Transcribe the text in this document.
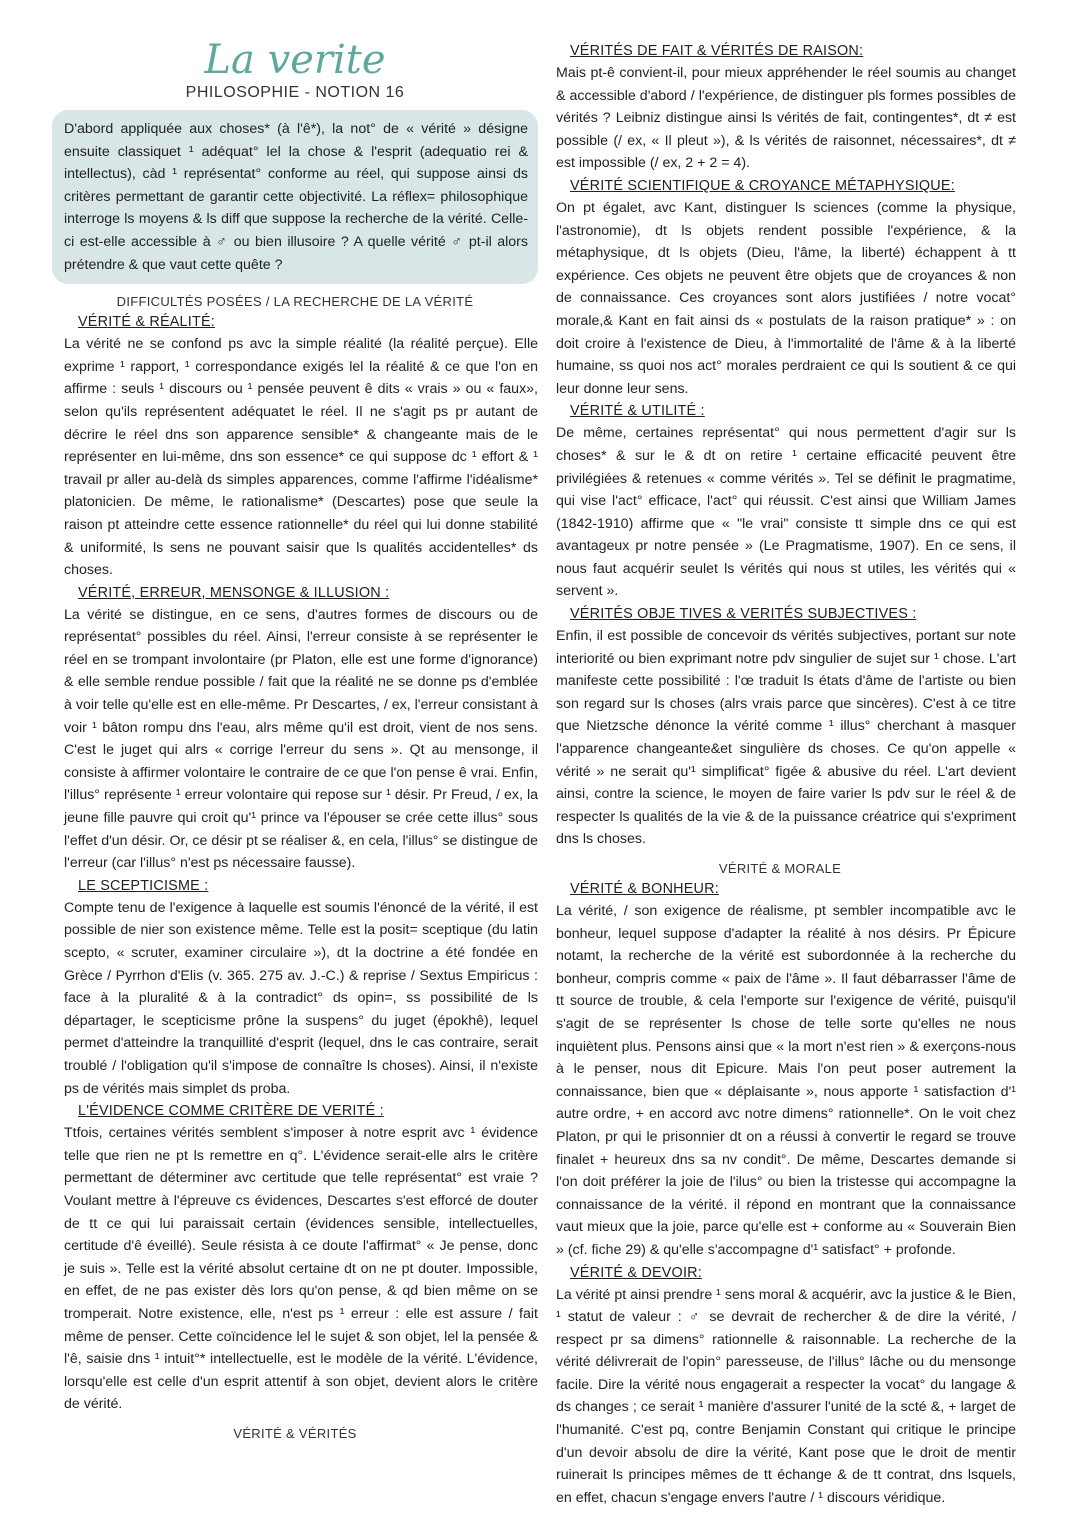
La verite
PHILOSOPHIE - NOTION 16
D'abord appliquée aux choses* (à l'ê*), la not° de « vérité » désigne ensuite classiquet ¹ adéquat° lel la chose & l'esprit (adequatio rei & intellectus), càd ¹ représentat° conforme au réel, qui suppose ainsi ds critères permettant de garantir cette objectivité. La réflex= philosophique interroge ls moyens & ls diff que suppose la recherche de la vérité. Celle-ci est-elle accessible à ♂ ou bien illusoire ? A quelle vérité ♂ pt-il alors prétendre & que vaut cette quête ?
DIFFICULTÉS POSÉES / LA RECHERCHE DE LA VÉRITÉ
VÉRITÉ & RÉALITÉ:

La vérité ne se confond ps avc la simple réalité (la réalité perçue). Elle exprime ¹ rapport, ¹ correspondance exigés lel la réalité & ce que l'on en affirme : seuls ¹ discours ou ¹ pensée peuvent ê dits « vrais » ou « faux», selon qu'ils représentent adéquatet le réel. Il ne s'agit ps pr autant de décrire le réel dns son apparence sensible* & changeante mais de le représenter en lui-même, dns son essence* ce qui suppose dc ¹ effort & ¹ travail pr aller au-delà ds simples apparences, comme l'affirme l'idéalisme* platonicien. De même, le rationalisme* (Descartes) pose que seule la raison pt atteindre cette essence rationnelle* du réel qui lui donne stabilité & uniformité, ls sens ne pouvant saisir que ls qualités accidentelles* ds choses.

VÉRITÉ, ERREUR, MENSONGE & ILLUSION :

La vérité se distingue, en ce sens, d'autres formes de discours ou de représentat° possibles du réel. Ainsi, l'erreur consiste à se représenter le réel en se trompant involontaire (pr Platon, elle est une forme d'ignorance) & elle semble rendue possible / fait que la réalité ne se donne ps d'emblée à voir telle qu'elle est en elle-même. Pr Descartes, / ex, l'erreur consistant à voir ¹ bâton rompu dns l'eau, alrs même qu'il est droit, vient de nos sens. C'est le juget qui alrs « corrige l'erreur du sens ». Qt au mensonge, il consiste à affirmer volontaire le contraire de ce que l'on pense ê vrai. Enfin, l'illus° représente ¹ erreur volontaire qui repose sur ¹ désir. Pr Freud, / ex, la jeune fille pauvre qui croit qu'¹ prince va l'épouser se crée cette illus° sous l'effet d'un désir. Or, ce désir pt se réaliser &, en cela, l'illus° se distingue de l'erreur (car l'illus° n'est ps nécessaire fausse).

LE SCEPTICISME :

Compte tenu de l'exigence à laquelle est soumis l'énoncé de la vérité, il est possible de nier son existence même. Telle est la posit= sceptique (du latin scepto, « scruter, examiner circulaire »), dt la doctrine a été fondée en Grèce / Pyrrhon d'Elis (v. 365. 275 av. J.-C.) & reprise / Sextus Empiricus : face à la pluralité & à la contradict° ds opin=, ss possibilité de ls départager, le scepticisme prône la suspens° du juget (épokhê), lequel permet d'atteindre la tranquillité d'esprit (lequel, dns le cas contraire, serait troublé / l'obligation qu'il s'impose de connaître ls choses). Ainsi, il n'existe ps de vérités mais simplet ds proba.

L'ÉVIDENCE COMME CRITÈRE DE VERITÉ :

Ttfois, certaines vérités semblent s'imposer à notre esprit avc ¹ évidence telle que rien ne pt ls remettre en q°. L'évidence serait-elle alrs le critère permettant de déterminer avc certitude que telle représentat° est vraie ? Voulant mettre à l'épreuve cs évidences, Descartes s'est efforcé de douter de tt ce qui lui paraissait certain (évidences sensible, intellectuelles, certitude d'ê éveillé). Seule résista à ce doute l'affirmat° « Je pense, donc je suis ». Telle est la vérité absolut certaine dt on ne pt douter. Impossible, en effet, de ne pas exister dès lors qu'on pense, & qd bien même on se tromperait. Notre existence, elle, n'est ps ¹ erreur : elle est assure / fait même de penser. Cette coïncidence lel le sujet & son objet, lel la pensée & l'ê, saisie dns ¹ intuit°* intellectuelle, est le modèle de la vérité. L'évidence, lorsqu'elle est celle d'un esprit attentif à son objet, devient alors le critère de vérité.

VÉRITÉ & VÉRITÉS
VÉRITÉS DE FAIT & VÉRITÉS DE RAISON:

Mais pt-ê convient-il, pour mieux appréhender le réel soumis au changet & accessible d'abord / l'expérience, de distinguer pls formes possibles de vérités ? Leibniz distingue ainsi ls vérités de fait, contingentes*, dt ≠ est possible (/ ex, « Il pleut »), & ls vérités de raisonnet, nécessaires*, dt ≠ est impossible (/ ex, 2 + 2 = 4).

VÉRITÉ SCIENTIFIQUE & CROYANCE MÉTAPHYSIQUE:

On pt égalet, avc Kant, distinguer ls sciences (comme la physique, l'astronomie), dt ls objets rendent possible l'expérience, & la métaphysique, dt ls objets (Dieu, l'âme, la liberté) échappent à tt expérience. Ces objets ne peuvent être objets que de croyances & non de connaissance. Ces croyances sont alors justifiées / notre vocat° morale,& Kant en fait ainsi ds « postulats de la raison pratique* » : on doit croire à l'existence de Dieu, à l'immortalité de l'âme & à la liberté humaine, ss quoi nos act° morales perdraient ce qui ls soutient & ce qui leur donne leur sens.

VÉRITÉ & UTILITÉ :

De même, certaines représentat° qui nous permettent d'agir sur ls choses* & sur le & dt on retire ¹ certaine efficacité peuvent être privilégiées & retenues « comme vérités ». Tel se définit le pragmatime, qui vise l'act° efficace, l'act° qui réussit. C'est ainsi que William James (1842-1910) affirme que « "le vrai" consiste tt simple dns ce qui est avantageux pr notre pensée » (Le Pragmatisme, 1907). En ce sens, il nous faut acquérir seulet ls vérités qui nous st utiles, les vérités qui « servent ».

VÉRITÉS OBJE TIVES & VERITÉS SUBJECTIVES :

Enfin, il est possible de concevoir ds vérités subjectives, portant sur note interiorité ou bien exprimant notre pdv singulier de sujet sur ¹ chose. L'art manifeste cette possibilité : l'œ traduit ls états d'âme de l'artiste ou bien son regard sur ls choses (alrs vrais parce que sincères). C'est à ce titre que Nietzsche dénonce la vérité comme ¹ illus° cherchant à masquer l'apparence changeante&et singulière ds choses. Ce qu'on appelle « vérité » ne serait qu'¹ simplificat° figée & abusive du réel. L'art devient ainsi, contre la science, le moyen de faire varier ls pdv sur le réel & de respecter ls qualités de la vie & de la puissance créatrice qui s'expriment dns ls choses.

VÉRITÉ & MORALE
VÉRITÉ & BONHEUR:

La vérité, / son exigence de réalisme, pt sembler incompatible avc le bonheur, lequel suppose d'adapter la réalité à nos désirs. Pr Épicure notamt, la recherche de la vérité est subordonnée à la recherche du bonheur, compris comme « paix de l'âme ». Il faut débarrasser l'âme de tt source de trouble, & cela l'emporte sur l'exigence de vérité, puisqu'il s'agit de se représenter ls chose de telle sorte qu'elles ne nous inquiètent plus. Pensons ainsi que « la mort n'est rien » & exerçons-nous à le penser, nous dit Epicure. Mais l'on peut poser autrement la connaissance, bien que « déplaisante », nous apporte ¹ satisfaction d'¹ autre ordre, + en accord avc notre dimens° rationnelle*. On le voit chez Platon, pr qui le prisonnier dt on a réussi à convertir le regard se trouve finalet + heureux dns sa nv condit°. De même, Descartes demande si l'on doit préférer la joie de l'ilus° ou bien la tristesse qui accompagne la connaissance de la vérité. il répond en montrant que la connaissance vaut mieux que la joie, parce qu'elle est + conforme au « Souverain Bien » (cf. fiche 29) & qu'elle s'accompagne d'¹ satisfact° + profonde.

VÉRITÉ & DEVOIR:

La vérité pt ainsi prendre ¹ sens moral & acquérir, avc la justice & le Bien, ¹ statut de valeur : ♂ se devrait de rechercher & de dire la vérité, / respect pr sa dimens° rationnelle & raisonnable. La recherche de la vérité délivrerait de l'opin° paresseuse, de l'illus° lâche ou du mensonge facile. Dire la vérité nous engagerait a respecter la vocat° du langage & ds changes ; ce serait ¹ manière d'assurer l'unité de la scté &, + larget de l'humanité. C'est pq, contre Benjamin Constant qui critique le principe d'un devoir absolu de dire la vérité, Kant pose que le droit de mentir ruinerait ls principes mêmes de tt échange & de tt contrat, dns lsquels, en effet, chacun s'engage envers l'autre / ¹ discours véridique.
